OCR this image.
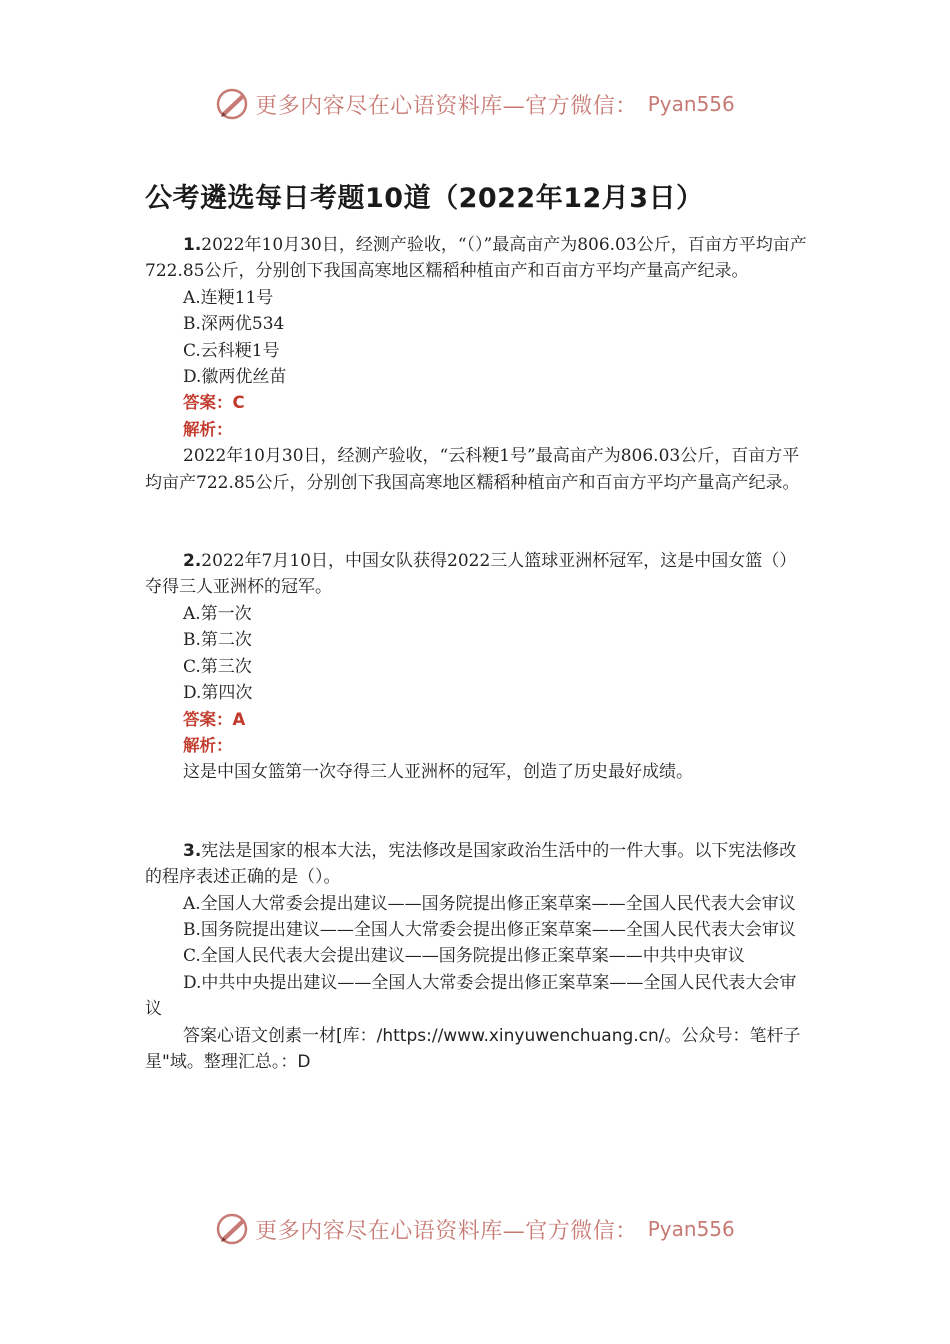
更多内容尽在心语资料库—官方微信： Pyan556
公考遴选每日考题10道（2022年12月3日）

1.2022年10月30日，经测产验收，“（）”最高亩产为806.03公斤，百亩方平均亩产722.85公斤，分别创下我国高寒地区糯稻种植亩产和百亩方平均产量高产纪录。

A.连粳11号

B.深两优534

C.云科粳1号

D.徽两优丝苗

答案：C

解析：

2022年10月30日，经测产验收，“云科粳1号”最高亩产为806.03公斤，百亩方平均亩产722.85公斤，分别创下我国高寒地区糯稻种植亩产和百亩方平均产量高产纪录。

2.2022年7月10日，中国女队获得2022三人篮球亚洲杯冠军，这是中国女篮（）夺得三人亚洲杯的冠军。

A.第一次

B.第二次

C.第三次

D.第四次

答案：A

解析：

这是中国女篮第一次夺得三人亚洲杯的冠军，创造了历史最好成绩。

3.宪法是国家的根本大法，宪法修改是国家政治生活中的一件大事。以下宪法修改的程序表述正确的是（）。

A.全国人大常委会提出建议——国务院提出修正案草案——全国人民代表大会审议

B.国务院提出建议——全国人大常委会提出修正案草案——全国人民代表大会审议

C.全国人民代表大会提出建议——国务院提出修正案草案——中共中央审议

D.中共中央提出建议——全国人大常委会提出修正案草案——全国人民代表大会审议

答案心语文创素一材[库：/https://www.xinyuwenchuang.cn/。公众号：笔杆子星"域。整理汇总。：D

更多内容尽在心语资料库—官方微信： Pyan556
